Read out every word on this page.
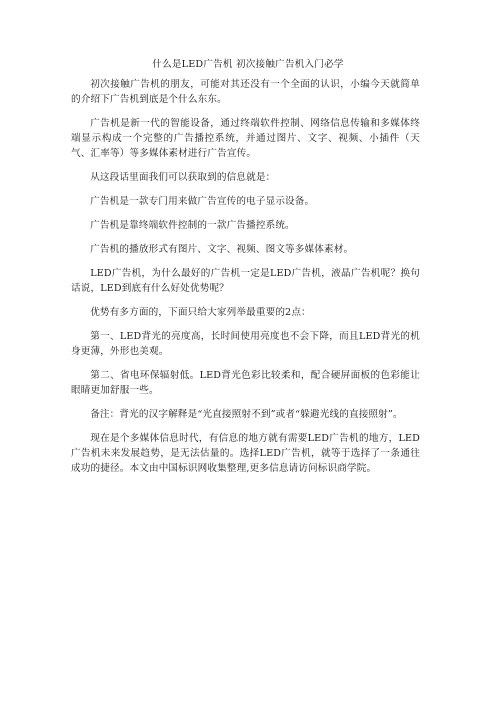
什么是LED广告机 初次接触广告机入门必学

初次接触广告机的朋友，可能对其还没有一个全面的认识，小编今天就简单的介绍下广告机到底是个什么东东。

广告机是新一代的智能设备，通过终端软件控制、网络信息传输和多媒体终端显示构成一个完整的广告播控系统，并通过图片、文字、视频、小插件（天气、汇率等）等多媒体素材进行广告宣传。

从这段话里面我们可以获取到的信息就是：

广告机是一款专门用来做广告宣传的电子显示设备。

广告机是靠终端软件控制的一款广告播控系统。

广告机的播放形式有图片、文字、视频、图文等多媒体素材。

LED广告机，为什么最好的广告机一定是LED广告机，液晶广告机呢？换句话说，LED到底有什么好处优势呢？

优势有多方面的，下面只给大家列举最重要的2点：

第一、LED背光的亮度高，长时间使用亮度也不会下降，而且LED背光的机身更薄，外形也美观。

第二、省电环保辐射低。LED背光色彩比较柔和，配合硬屏面板的色彩能让眼睛更加舒服一些。

备注：背光的汉字解释是“光直接照射不到”或者“躲避光线的直接照射”。

现在是个多媒体信息时代，有信息的地方就有需要LED广告机的地方，LED广告机未来发展趋势，是无法估量的。选择LED广告机，就等于选择了一条通往成功的捷径。本文由中国标识网收集整理,更多信息请访问标识商学院。
